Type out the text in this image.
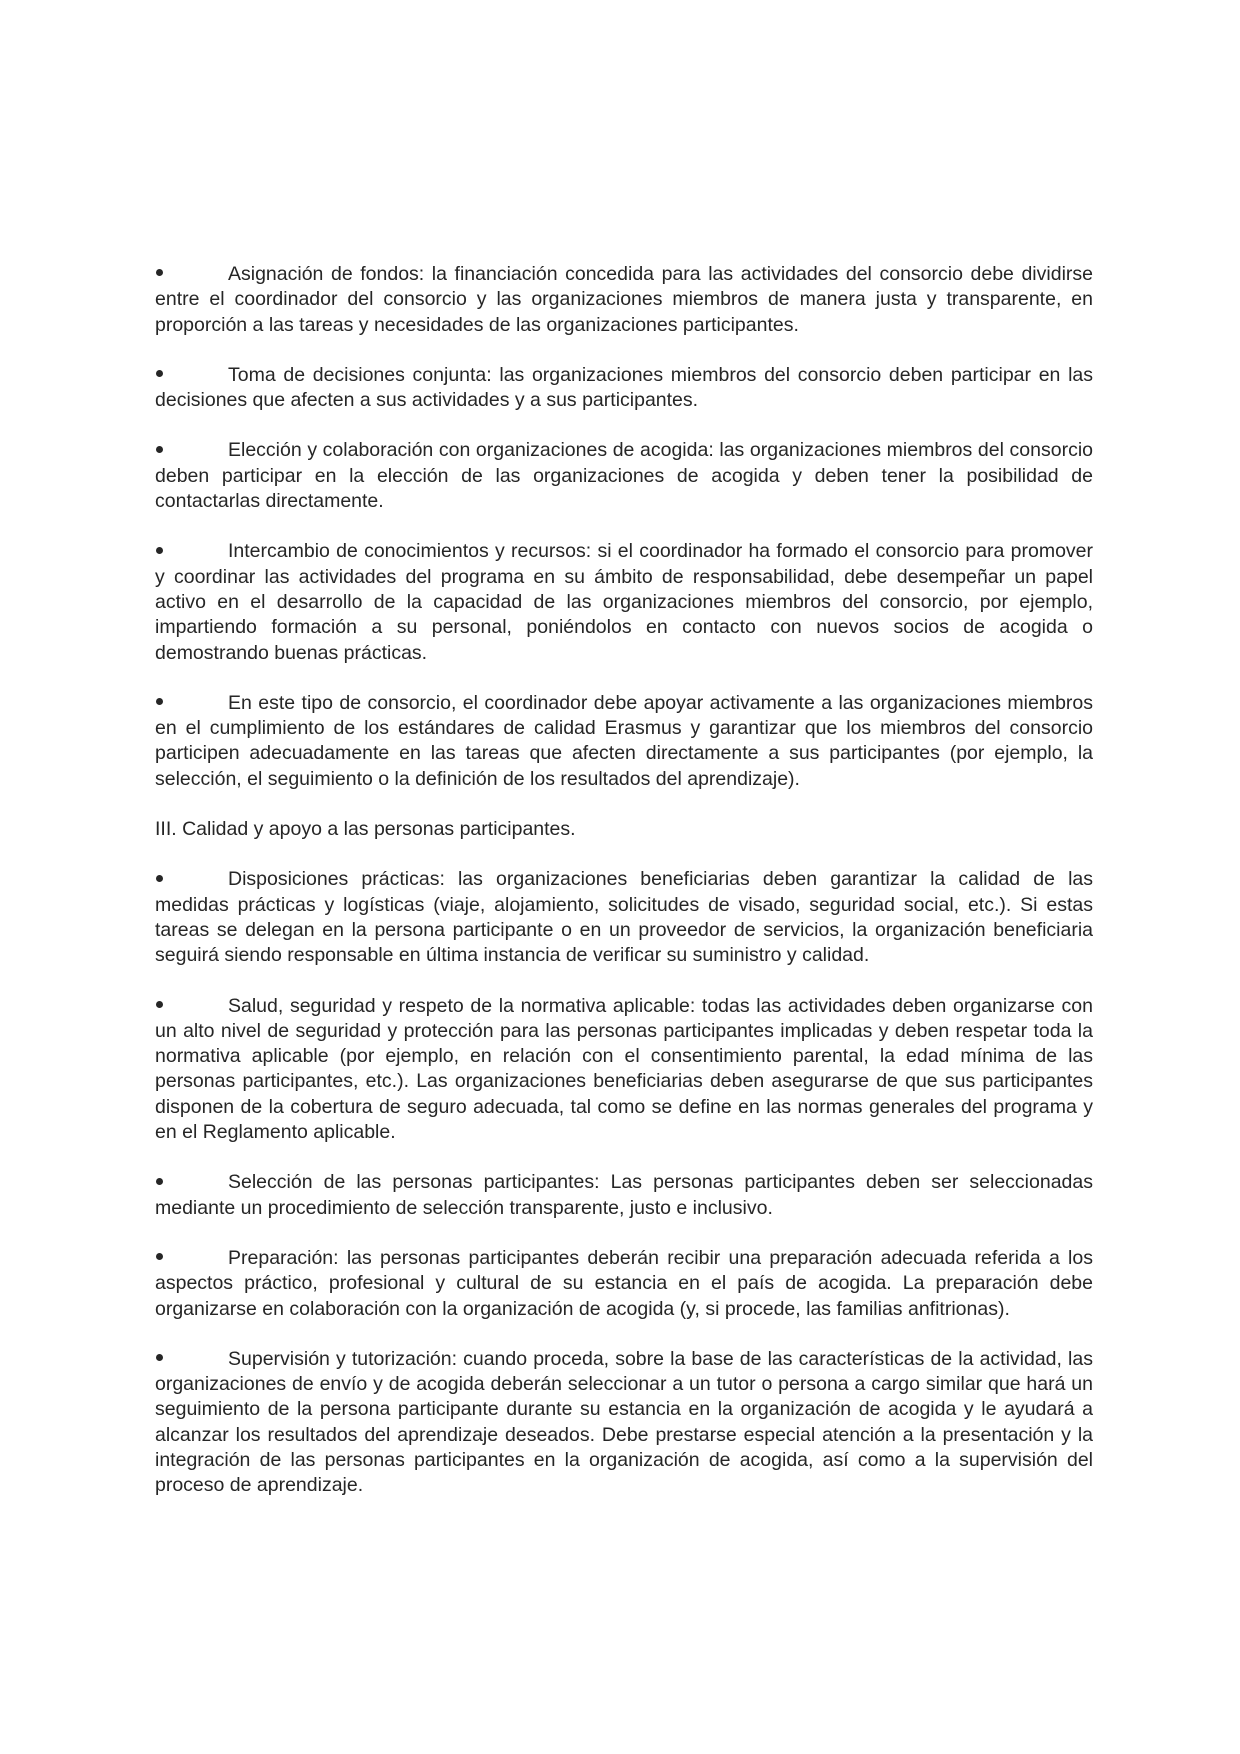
Asignación de fondos: la financiación concedida para las actividades del consorcio debe dividirse entre el coordinador del consorcio y las organizaciones miembros de manera justa y transparente, en proporción a las tareas y necesidades de las organizaciones participantes.

Toma de decisiones conjunta: las organizaciones miembros del consorcio deben participar en las decisiones que afecten a sus actividades y a sus participantes.

Elección y colaboración con organizaciones de acogida: las organizaciones miembros del consorcio deben participar en la elección de las organizaciones de acogida y deben tener la posibilidad de contactarlas directamente.

Intercambio de conocimientos y recursos: si el coordinador ha formado el consorcio para promover y coordinar las actividades del programa en su ámbito de responsabilidad, debe desempeñar un papel activo en el desarrollo de la capacidad de las organizaciones miembros del consorcio, por ejemplo, impartiendo formación a su personal, poniéndolos en contacto con nuevos socios de acogida o demostrando buenas prácticas.

En este tipo de consorcio, el coordinador debe apoyar activamente a las organizaciones miembros en el cumplimiento de los estándares de calidad Erasmus y garantizar que los miembros del consorcio participen adecuadamente en las tareas que afecten directamente a sus participantes (por ejemplo, la selección, el seguimiento o la definición de los resultados del aprendizaje).

III. Calidad y apoyo a las personas participantes.

Disposiciones prácticas: las organizaciones beneficiarias deben garantizar la calidad de las medidas prácticas y logísticas (viaje, alojamiento, solicitudes de visado, seguridad social, etc.). Si estas tareas se delegan en la persona participante o en un proveedor de servicios, la organización beneficiaria seguirá siendo responsable en última instancia de verificar su suministro y calidad.

Salud, seguridad y respeto de la normativa aplicable: todas las actividades deben organizarse con un alto nivel de seguridad y protección para las personas participantes implicadas y deben respetar toda la normativa aplicable (por ejemplo, en relación con el consentimiento parental, la edad mínima de las personas participantes, etc.). Las organizaciones beneficiarias deben asegurarse de que sus participantes disponen de la cobertura de seguro adecuada, tal como se define en las normas generales del programa y en el Reglamento aplicable.

Selección de las personas participantes: Las personas participantes deben ser seleccionadas mediante un procedimiento de selección transparente, justo e inclusivo.

Preparación: las personas participantes deberán recibir una preparación adecuada referida a los aspectos práctico, profesional y cultural de su estancia en el país de acogida. La preparación debe organizarse en colaboración con la organización de acogida (y, si procede, las familias anfitrionas).

Supervisión y tutorización: cuando proceda, sobre la base de las características de la actividad, las organizaciones de envío y de acogida deberán seleccionar a un tutor o persona a cargo similar que hará un seguimiento de la persona participante durante su estancia en la organización de acogida y le ayudará a alcanzar los resultados del aprendizaje deseados. Debe prestarse especial atención a la presentación y la integración de las personas participantes en la organización de acogida, así como a la supervisión del proceso de aprendizaje.
